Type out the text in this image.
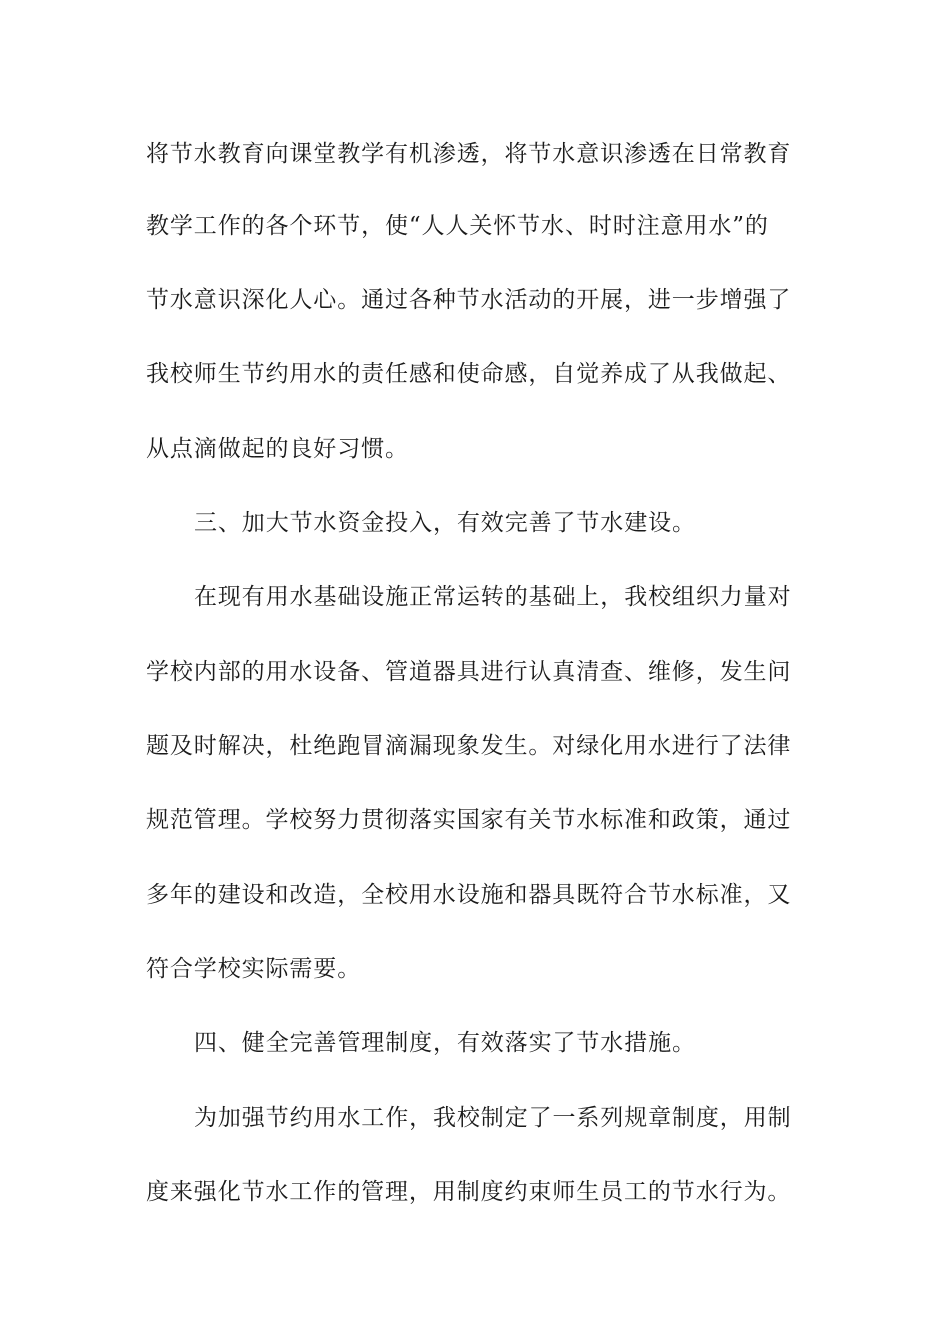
将节水教育向课堂教学有机渗透，将节水意识渗透在日常教育
教学工作的各个环节，使“人人关怀节水、时时注意用水”的
节水意识深化人心。通过各种节水活动的开展，进一步增强了
我校师生节约用水的责任感和使命感，自觉养成了从我做起、
从点滴做起的良好习惯。
三、加大节水资金投入，有效完善了节水建设。
在现有用水基础设施正常运转的基础上，我校组织力量对
学校内部的用水设备、管道器具进行认真清查、维修，发生问
题及时解决，杜绝跑冒滴漏现象发生。对绿化用水进行了法律
规范管理。学校努力贯彻落实国家有关节水标准和政策，通过
多年的建设和改造，全校用水设施和器具既符合节水标准，又
符合学校实际需要。
四、健全完善管理制度，有效落实了节水措施。
为加强节约用水工作，我校制定了一系列规章制度，用制
度来强化节水工作的管理，用制度约束师生员工的节水行为。
